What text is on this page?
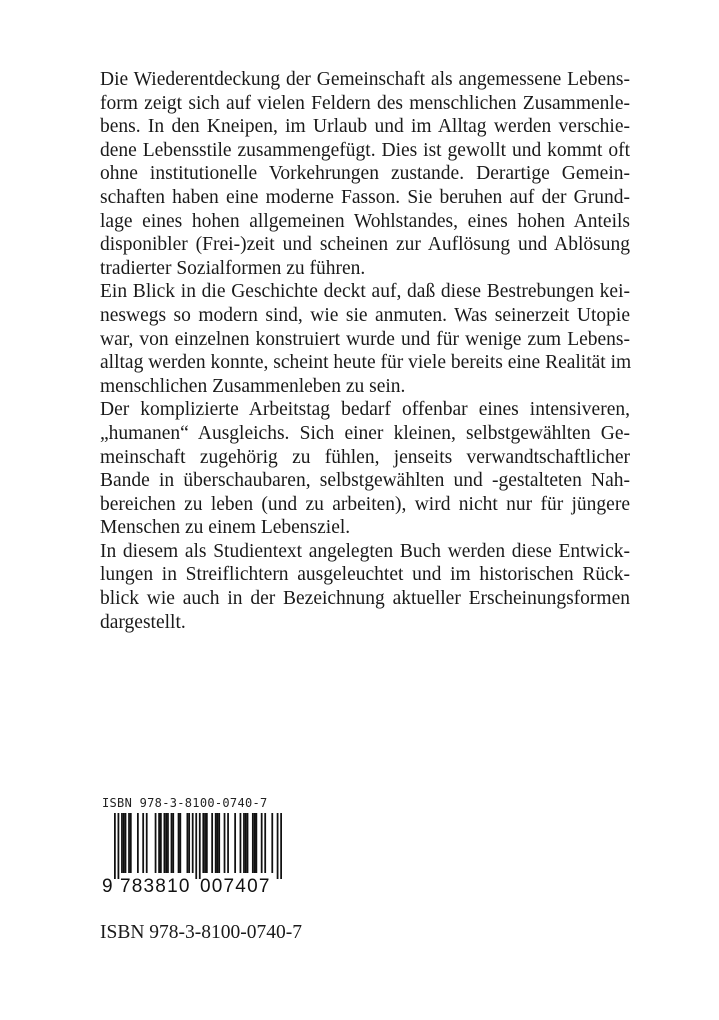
Die Wiederentdeckung der Gemeinschaft als angemessene Lebens-
form zeigt sich auf vielen Feldern des menschlichen Zusammenle-
bens. In den Kneipen, im Urlaub und im Alltag werden verschie-
dene Lebensstile zusammengefügt. Dies ist gewollt und kommt oft
ohne institutionelle Vorkehrungen zustande. Derartige Gemein-
schaften haben eine moderne Fasson. Sie beruhen auf der Grund-
lage eines hohen allgemeinen Wohlstandes, eines hohen Anteils
disponibler (Frei-)zeit und scheinen zur Auflösung und Ablösung
tradierter Sozialformen zu führen.
Ein Blick in die Geschichte deckt auf, daß diese Bestrebungen kei-
neswegs so modern sind, wie sie anmuten. Was seinerzeit Utopie
war, von einzelnen konstruiert wurde und für wenige zum Lebens-
alltag werden konnte, scheint heute für viele bereits eine Realität im
menschlichen Zusammenleben zu sein.
Der komplizierte Arbeitstag bedarf offenbar eines intensiveren,
„humanen“ Ausgleichs. Sich einer kleinen, selbstgewählten Ge-
meinschaft zugehörig zu fühlen, jenseits verwandtschaftlicher
Bande in überschaubaren, selbstgewählten und -gestalteten Nah-
bereichen zu leben (und zu arbeiten), wird nicht nur für jüngere
Menschen zu einem Lebensziel.
In diesem als Studientext angelegten Buch werden diese Entwick-
lungen in Streiflichtern ausgeleuchtet und im historischen Rück-
blick wie auch in der Bezeichnung aktueller Erscheinungsformen
dargestellt.
ISBN 978-3-8100-0740-7
9 783810 007407
ISBN 978-3-8100-0740-7
